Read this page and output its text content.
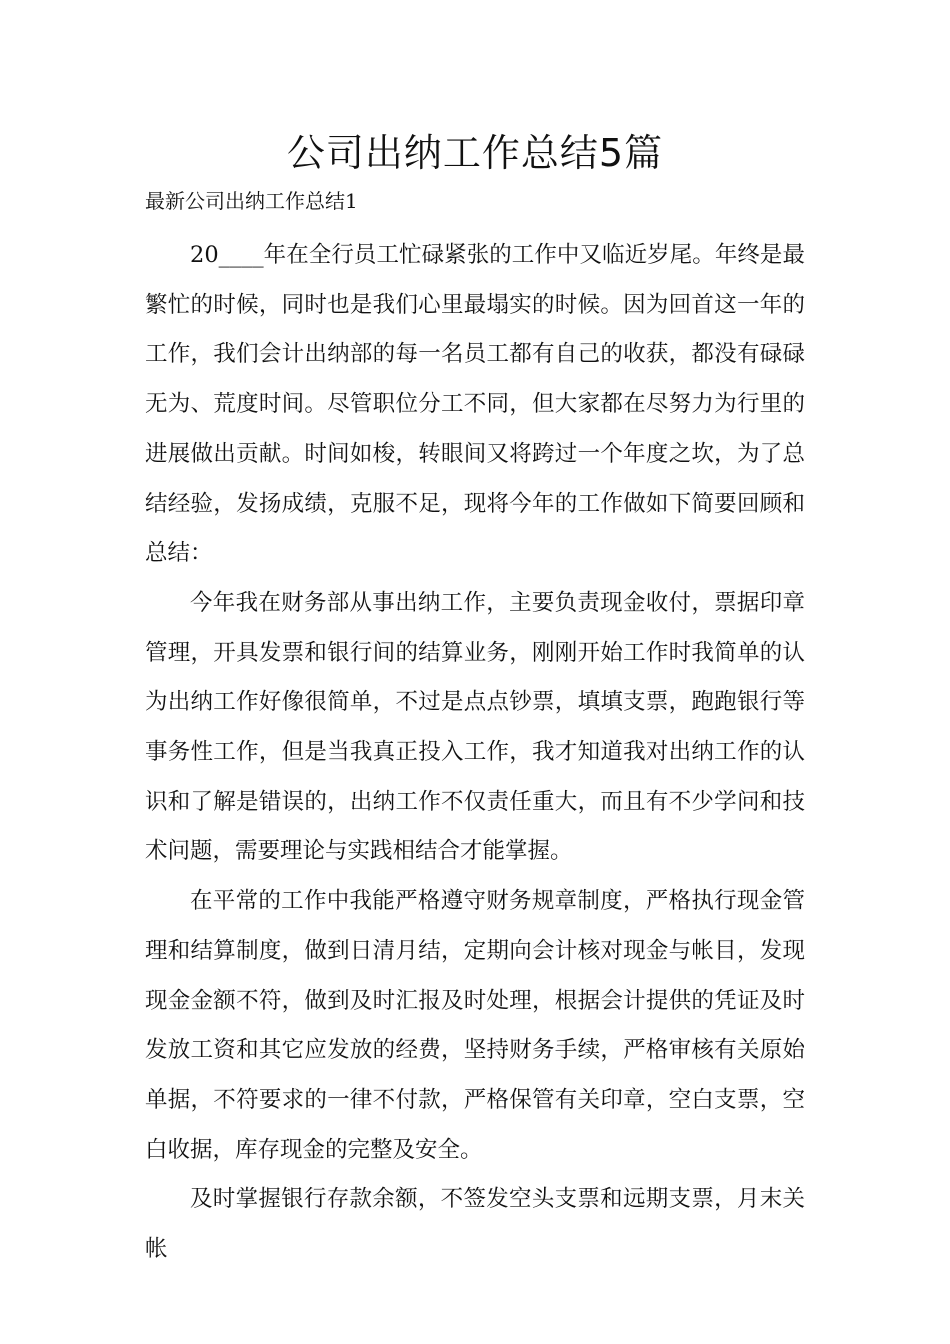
公司出纳工作总结5篇

最新公司出纳工作总结1

20____年在全行员工忙碌紧张的工作中又临近岁尾。年终是最繁忙的时候，同时也是我们心里最塌实的时候。因为回首这一年的工作，我们会计出纳部的每一名员工都有自己的收获，都没有碌碌无为、荒度时间。尽管职位分工不同，但大家都在尽努力为行里的进展做出贡献。时间如梭，转眼间又将跨过一个年度之坎，为了总结经验，发扬成绩，克服不足，现将今年的工作做如下简要回顾和总结：

今年我在财务部从事出纳工作，主要负责现金收付，票据印章管理，开具发票和银行间的结算业务，刚刚开始工作时我简单的认为出纳工作好像很简单，不过是点点钞票，填填支票，跑跑银行等事务性工作，但是当我真正投入工作，我才知道我对出纳工作的认识和了解是错误的，出纳工作不仅责任重大，而且有不少学问和技术问题，需要理论与实践相结合才能掌握。

在平常的工作中我能严格遵守财务规章制度，严格执行现金管理和结算制度，做到日清月结，定期向会计核对现金与帐目，发现现金金额不符，做到及时汇报及时处理，根据会计提供的凭证及时发放工资和其它应发放的经费，坚持财务手续，严格审核有关原始单据，不符要求的一律不付款，严格保管有关印章，空白支票，空白收据，库存现金的完整及安全。

及时掌握银行存款余额，不签发空头支票和远期支票，月末关帐
